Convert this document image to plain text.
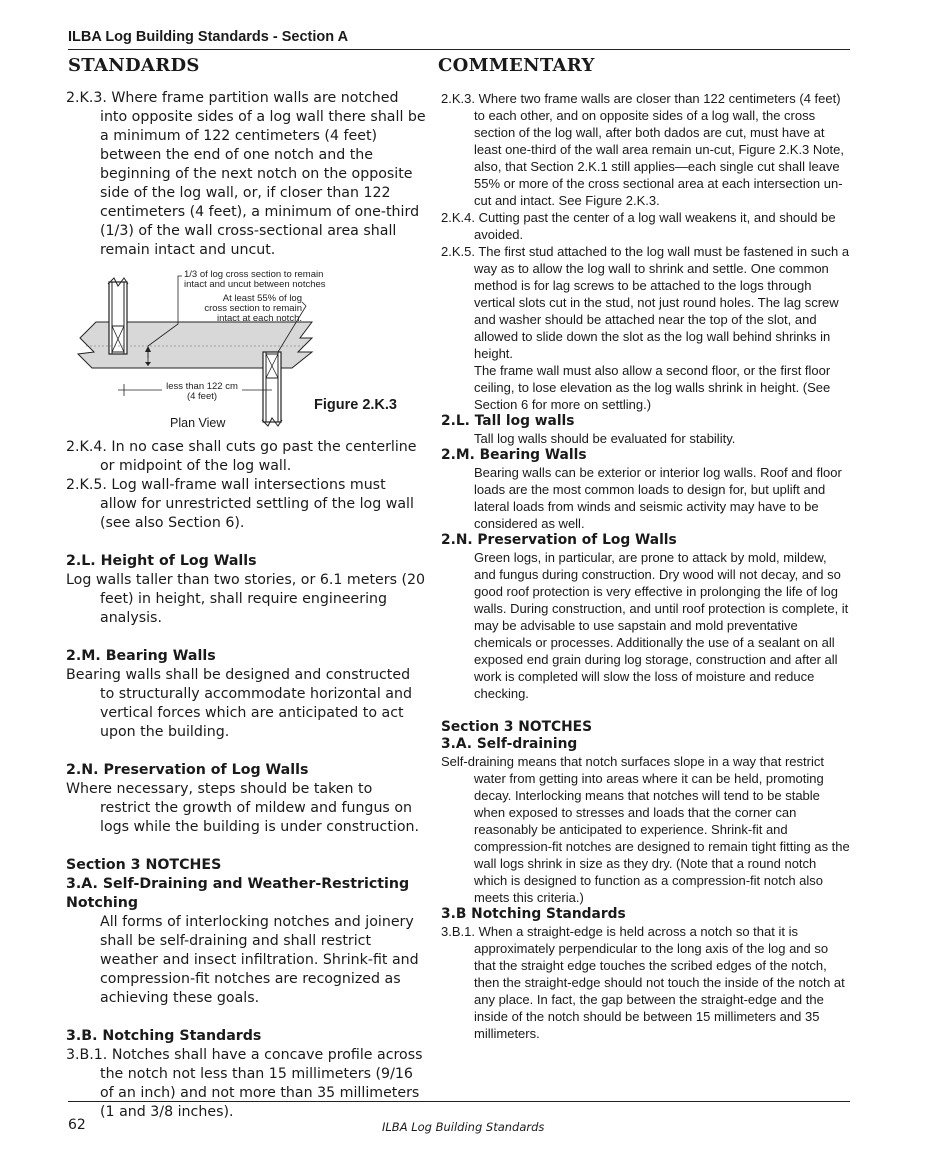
ILBA Log Building Standards - Section A
STANDARDS	COMMENTARY

2.K.3. Where frame partition walls are notched into opposite sides of a log wall there shall be a minimum of 122 centimeters (4 feet) between the end of one notch and the beginning of the next notch on the opposite side of the log wall, or, if closer than 122 centimeters (4 feet), a minimum of one-third (1/3) of the wall cross-sectional area shall remain intact and uncut.

1/3 of log cross section to remain
intact and uncut between notches
At least 55% of log
cross section to remain
intact at each notch.
less than 122 cm
(4 feet)
Figure 2.K.3
Plan View

2.K.4. In no case shall cuts go past the centerline or midpoint of the log wall.

2.K.5. Log wall-frame wall intersections must allow for unrestricted settling of the log wall (see also Section 6).

2.L. Height of Log Walls

Log walls taller than two stories, or 6.1 meters (20 feet) in height, shall require engineering analysis.

2.M. Bearing Walls

Bearing walls shall be designed and constructed to structurally accommodate horizontal and vertical forces which are anticipated to act upon the building.

2.N. Preservation of Log Walls

Where necessary, steps should be taken to restrict the growth of mildew and fungus on logs while the building is under construction.

Section 3 NOTCHES

3.A. Self-Draining and Weather-Restricting Notching

All forms of interlocking notches and joinery shall be self-draining and shall restrict weather and insect infiltration. Shrink-fit and compression-fit notches are recognized as achieving these goals.

3.B. Notching Standards

3.B.1. Notches shall have a concave profile across the notch not less than 15 millimeters (9/16 of an inch) and not more than 35 millimeters (1 and 3/8 inches).

2.K.3. Where two frame walls are closer than 122 centimeters (4 feet) to each other, and on opposite sides of a log wall, the cross section of the log wall, after both dados are cut, must have at least one-third of the wall area remain un-cut, Figure 2.K.3 Note, also, that Section 2.K.1 still applies—each single cut shall leave 55% or more of the cross sectional area at each intersection un-cut and intact. See Figure 2.K.3.

2.K.4. Cutting past the center of a log wall weakens it, and should be avoided.

2.K.5. The first stud attached to the log wall must be fastened in such a way as to allow the log wall to shrink and settle. One common method is for lag screws to be attached to the logs through vertical slots cut in the stud, not just round holes. The lag screw and washer should be attached near the top of the slot, and allowed to slide down the slot as the log wall behind shrinks in height.

The frame wall must also allow a second floor, or the first floor ceiling, to lose elevation as the log walls shrink in height. (See Section 6 for more on settling.)

2.L. Tall log walls

Tall log walls should be evaluated for stability.

2.M. Bearing Walls

Bearing walls can be exterior or interior log walls. Roof and floor loads are the most common loads to design for, but uplift and lateral loads from winds and seismic activity may have to be considered as well.

2.N. Preservation of Log Walls

Green logs, in particular, are prone to attack by mold, mildew, and fungus during construction. Dry wood will not decay, and so good roof protection is very effective in prolonging the life of log walls. During construction, and until roof protection is complete, it may be advisable to use sapstain and mold preventative chemicals or processes. Additionally the use of a sealant on all exposed end grain during log storage, construction and after all work is completed will slow the loss of moisture and reduce checking.

Section 3 NOTCHES

3.A. Self-draining

Self-draining means that notch surfaces slope in a way that restrict water from getting into areas where it can be held, promoting decay. Interlocking means that notches will tend to be stable when exposed to stresses and loads that the corner can reasonably be anticipated to experience. Shrink-fit and compression-fit notches are designed to remain tight fitting as the wall logs shrink in size as they dry. (Note that a round notch which is designed to function as a compression-fit notch also meets this criteria.)

3.B Notching Standards

3.B.1. When a straight-edge is held across a notch so that it is approximately perpendicular to the long axis of the log and so that the straight edge touches the scribed edges of the notch, then the straight-edge should not touch the inside of the notch at any place. In fact, the gap between the straight-edge and the inside of the notch should be between 15 millimeters and 35 millimeters.

62	ILBA Log Building Standards
